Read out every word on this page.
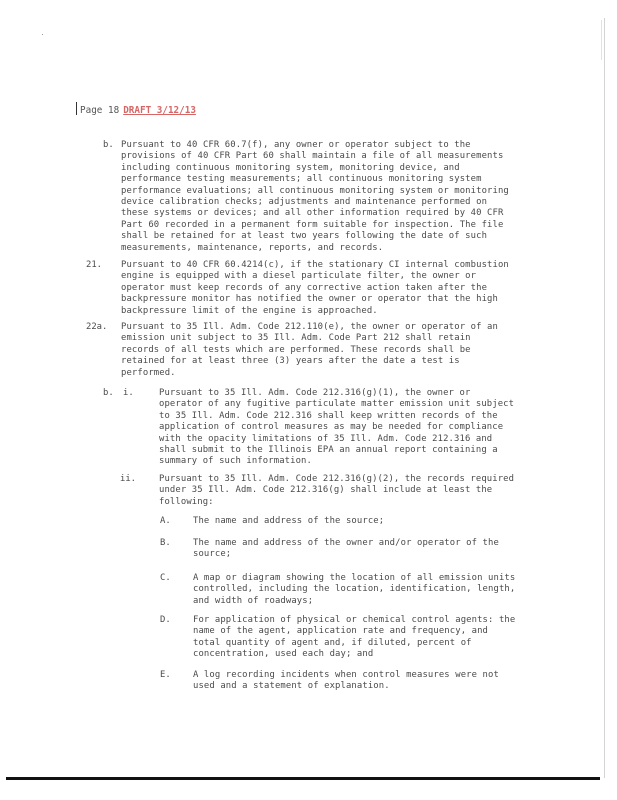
Page 18 DRAFT 3/12/13
b. Pursuant to 40 CFR 60.7(f), any owner or operator subject to the
provisions of 40 CFR Part 60 shall maintain a file of all measurements
including continuous monitoring system, monitoring device, and
performance testing measurements; all continuous monitoring system
performance evaluations; all continuous monitoring system or monitoring
device calibration checks; adjustments and maintenance performed on
these systems or devices; and all other information required by 40 CFR
Part 60 recorded in a permanent form suitable for inspection. The file
shall be retained for at least two years following the date of such
measurements, maintenance, reports, and records.
21. Pursuant to 40 CFR 60.4214(c), if the stationary CI internal combustion
engine is equipped with a diesel particulate filter, the owner or
operator must keep records of any corrective action taken after the
backpressure monitor has notified the owner or operator that the high
backpressure limit of the engine is approached.
22a. Pursuant to 35 Ill. Adm. Code 212.110(e), the owner or operator of an
emission unit subject to 35 Ill. Adm. Code Part 212 shall retain
records of all tests which are performed. These records shall be
retained for at least three (3) years after the date a test is
performed.
b. i.	Pursuant to 35 Ill. Adm. Code 212.316(g)(1), the owner or
operator of any fugitive particulate matter emission unit subject
to 35 Ill. Adm. Code 212.316 shall keep written records of the
application of control measures as may be needed for compliance
with the opacity limitations of 35 Ill. Adm. Code 212.316 and
shall submit to the Illinois EPA an annual report containing a
summary of such information.
ii.	Pursuant to 35 Ill. Adm. Code 212.316(g)(2), the records required
under 35 Ill. Adm. Code 212.316(g) shall include at least the
following:
A.	The name and address of the source;
B.	The name and address of the owner and/or operator of the
source;
C.	A map or diagram showing the location of all emission units
controlled, including the location, identification, length,
and width of roadways;
D.	For application of physical or chemical control agents: the
name of the agent, application rate and frequency, and
total quantity of agent and, if diluted, percent of
concentration, used each day; and
E.	A log recording incidents when control measures were not
used and a statement of explanation.
